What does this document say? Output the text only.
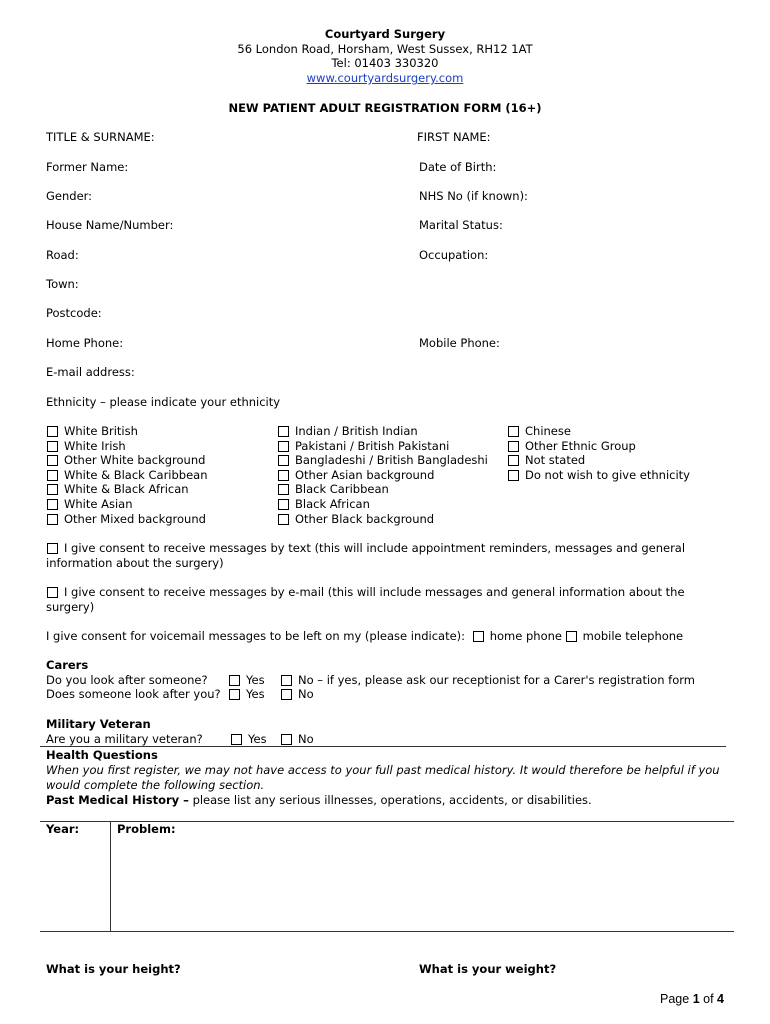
Courtyard Surgery
56 London Road, Horsham, West Sussex, RH12 1AT
Tel: 01403 330320
www.courtyardsurgery.com
NEW PATIENT ADULT REGISTRATION FORM (16+)
TITLE & SURNAME:	FIRST NAME:
Former Name:	Date of Birth:
Gender:	NHS No (if known):
House Name/Number:	Marital Status:
Road:	Occupation:
Town:
Postcode:
Home Phone:	Mobile Phone:
E-mail address:
Ethnicity – please indicate your ethnicity
White British
White Irish
Other White background
White & Black Caribbean
White & Black African
White Asian
Other Mixed background
Indian / British Indian
Pakistani / British Pakistani
Bangladeshi / British Bangladeshi
Other Asian background
Black Caribbean
Black African
Other Black background
Chinese
Other Ethnic Group
Not stated
Do not wish to give ethnicity
I give consent to receive messages by text (this will include appointment reminders, messages and general
information about the surgery)
I give consent to receive messages by e-mail (this will include messages and general information about the
surgery)
I give consent for voicemail messages to be left on my (please indicate): home phone mobile telephone
Carers
Do you look after someone?	Yes	No – if yes, please ask our receptionist for a Carer's registration form
Does someone look after you?	Yes	No
Military Veteran
Are you a military veteran?	Yes	No
Health Questions
When you first register, we may not have access to your full past medical history. It would therefore be helpful if you
would complete the following section.
Past Medical History – please list any serious illnesses, operations, accidents, or disabilities.
Year:	Problem:
What is your height?	What is your weight?
Page 1 of 4
